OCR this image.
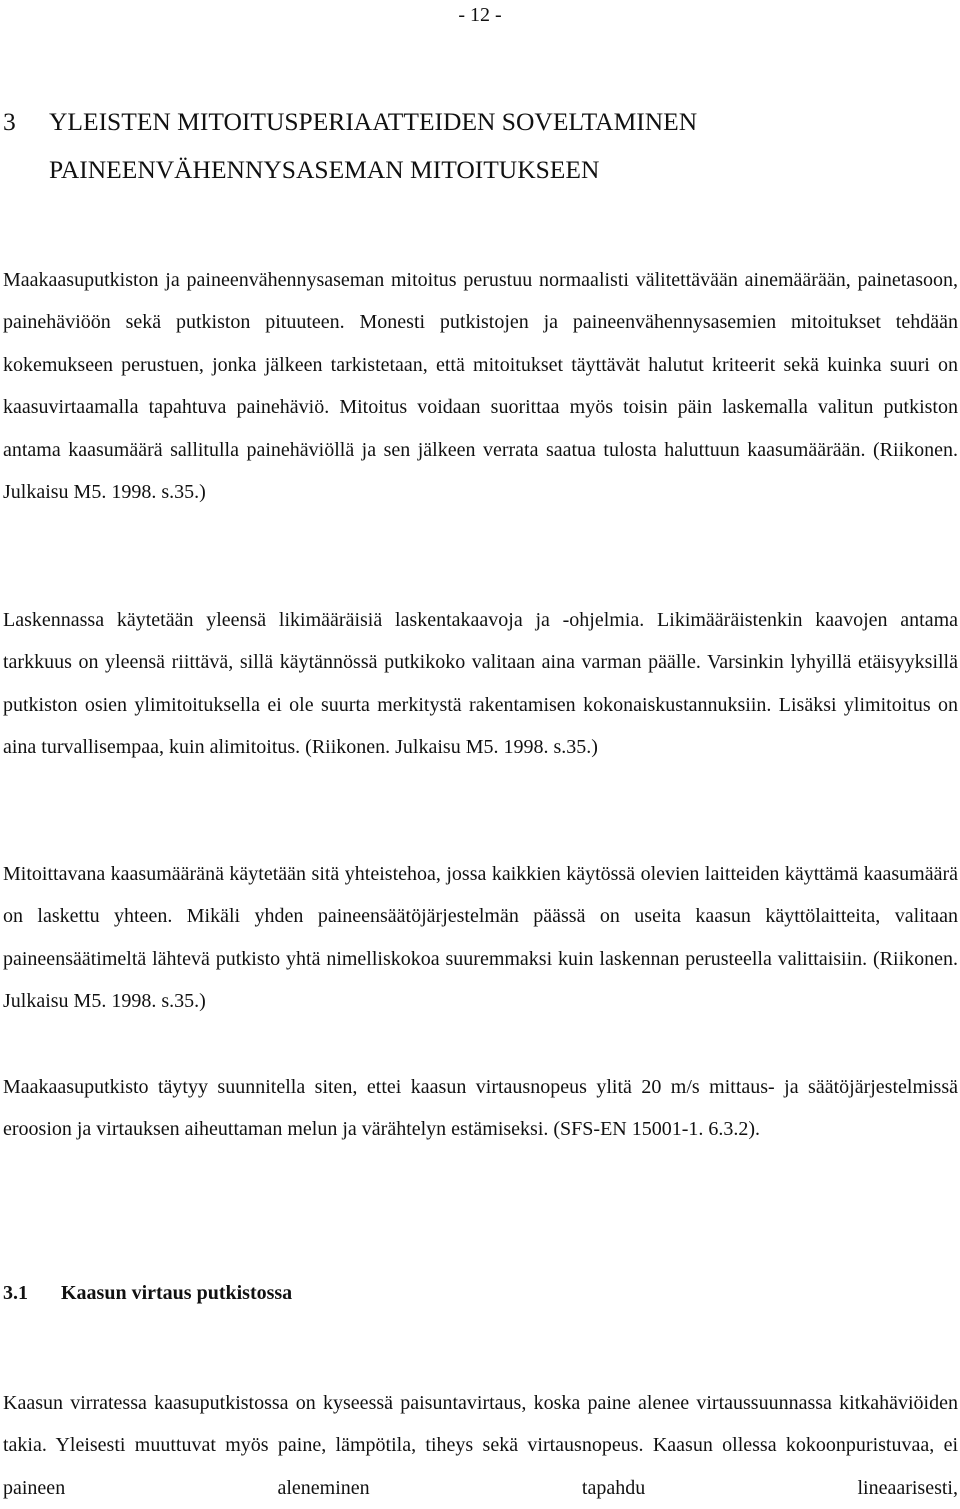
- 12 -
3 YLEISTEN MITOITUSPERIAATTEIDEN SOVELTAMINEN
PAINEENVÄHENNYSASEMAN MITOITUKSEEN

Maakaasuputkiston ja paineenvähennysaseman mitoitus perustuu normaalisti välitettävään ainemäärään, painetasoon, painehäviöön sekä putkiston pituuteen. Monesti putkistojen ja paineenvähennysasemien mitoitukset tehdään kokemukseen perustuen, jonka jälkeen tarkistetaan, että mitoitukset täyttävät halutut kriteerit sekä kuinka suuri on kaasuvirtaamalla tapahtuva painehäviö. Mitoitus voidaan suorittaa myös toisin päin laskemalla valitun putkiston antama kaasumäärä sallitulla painehäviöllä ja sen jälkeen verrata saatua tulosta haluttuun kaasumäärään. (Riikonen. Julkaisu M5. 1998. s.35.)

Laskennassa käytetään yleensä likimääräisiä laskentakaavoja ja -ohjelmia. Likimääräistenkin kaavojen antama tarkkuus on yleensä riittävä, sillä käytännössä putkikoko valitaan aina varman päälle. Varsinkin lyhyillä etäisyyksillä putkiston osien ylimitoituksella ei ole suurta merkitystä rakentamisen kokonaiskustannuksiin. Lisäksi ylimitoitus on aina turvallisempaa, kuin alimitoitus. (Riikonen. Julkaisu M5. 1998. s.35.)

Mitoittavana kaasumääränä käytetään sitä yhteistehoa, jossa kaikkien käytössä olevien laitteiden käyttämä kaasumäärä on laskettu yhteen. Mikäli yhden paineensäätöjärjestelmän päässä on useita kaasun käyttölaitteita, valitaan paineensäätimeltä lähtevä putkisto yhtä nimelliskokoa suuremmaksi kuin laskennan perusteella valittaisiin. (Riikonen. Julkaisu M5. 1998. s.35.)

Maakaasuputkisto täytyy suunnitella siten, ettei kaasun virtausnopeus ylitä 20 m/s mittaus- ja säätöjärjestelmissä eroosion ja virtauksen aiheuttaman melun ja värähtelyn estämiseksi. (SFS-EN 15001-1. 6.3.2).

3.1 Kaasun virtaus putkistossa

Kaasun virratessa kaasuputkistossa on kyseessä paisuntavirtaus, koska paine alenee virtaussuunnassa kitkahäviöiden takia. Yleisesti muuttuvat myös paine, lämpötila, tiheys sekä virtausnopeus. Kaasun ollessa kokoonpuristuvaa, ei paineen aleneminen tapahdu lineaarisesti,
